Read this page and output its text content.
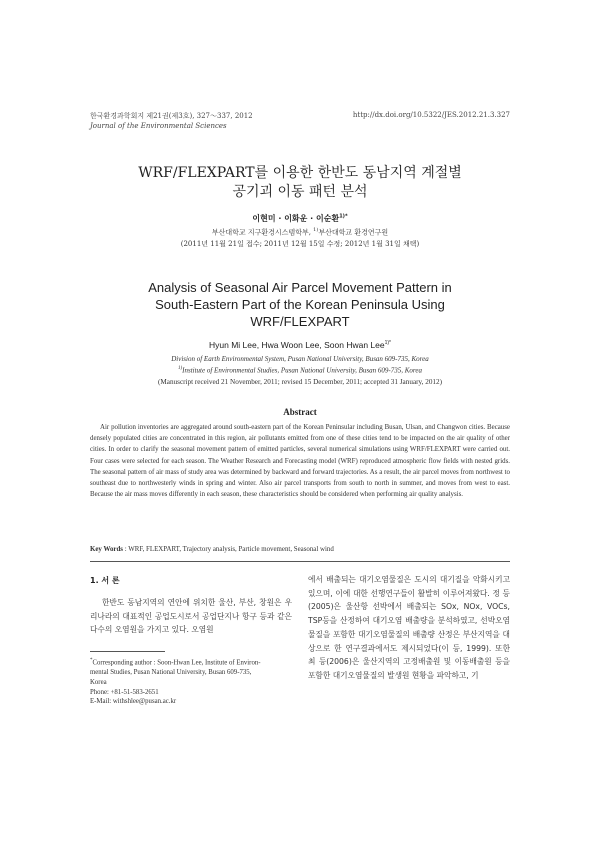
한국환경과학회지 제21권(제3호), 327～337, 2012
Journal of the Environmental Sciences
http://dx.doi.org/10.5322/JES.2012.21.3.327
WRF/FLEXPART를 이용한 한반도 동남지역 계절별
공기괴 이동 패턴 분석
이현미 · 이화운 · 이순환$^{1)*}$
부산대학교 지구환경시스템학부, $^{1)}$부산대학교 환경연구원
(2011년 11월 21일 접수; 2011년 12월 15일 수정; 2012년 1월 31일 채택)
Analysis of Seasonal Air Parcel Movement Pattern in
South-Eastern Part of the Korean Peninsula Using
WRF/FLEXPART
Hyun Mi Lee, Hwa Woon Lee, Soon Hwan Lee$^{1)*}$
Division of Earth Environmental System, Pusan National University, Busan 609-735, Korea
$^{1)}$Institute of Environmental Studies, Pusan National University, Busan 609-735, Korea
(Manuscript received 21 November, 2011; revised 15 December, 2011; accepted 31 January, 2012)
Abstract
Air pollution inventories are aggregated around south-eastern part of the Korean Peninsular including Busan, Ulsan, and Changwon cities. Because densely populated cities are concentrated in this region, air pollutants emitted from one of these cities tend to be impacted on the air quality of other cities. In order to clarify the seasonal movement pattern of emitted particles, several numerical simulations using WRF/FLEXPART were carried out. Four cases were selected for each season. The Weather Research and Forecasting model (WRF) reproduced atmospheric flow fields with nested grids. The seasonal pattern of air mass of study area was determined by backward and forward trajectories. As a result, the air parcel moves from northwest to southeast due to northwesterly winds in spring and winter. Also air parcel transports from south to north in summer, and moves from west to east. Because the air mass moves differently in each season, these characteristics should be considered when performing air quality analysis.
Key Words : WRF, FLEXPART, Trajectory analysis, Particle movement, Seasonal wind
1. 서 론
한반도 동남지역의 연안에 위치한 울산, 부산, 창원은 우리나라의 대표적인 공업도시로서 공업단지나 항구 등과 같은 다수의 오염원을 가지고 있다. 오염원
*Corresponding author : Soon-Hwan Lee, Institute of Environ-
mental Studies, Pusan National University, Busan 609-735,
Korea
Phone: +81-51-583-2651
E-Mail: withshlee@pusan.ac.kr
에서 배출되는 대기오염물질은 도시의 대기질을 악화시키고 있으며, 이에 대한 선행연구들이 활발히 이루어져왔다. 정 등(2005)은 울산항 선박에서 배출되는 SOx, NOx, VOCs, TSP등을 산정하여 대기오염 배출량을 분석하였고, 선박오염물질을 포함한 대기오염물질의 배출량 산정은 부산지역을 대상으로 한 연구결과에서도 제시되었다(이 등, 1999). 또한 최 등(2006)은 울산지역의 고정배출원 및 이동배출원 등을 포함한 대기오염물질의 발생원 현황을 파악하고, 기
